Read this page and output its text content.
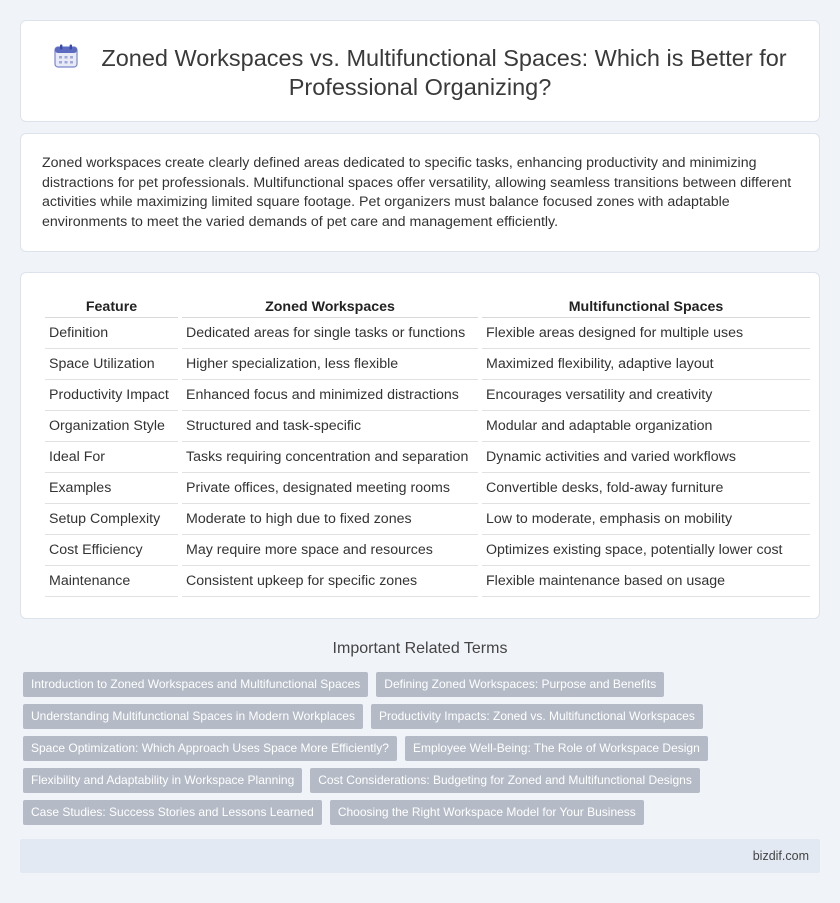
Zoned Workspaces vs. Multifunctional Spaces: Which is Better for Professional Organizing?

Zoned workspaces create clearly defined areas dedicated to specific tasks, enhancing productivity and minimizing distractions for pet professionals. Multifunctional spaces offer versatility, allowing seamless transitions between different activities while maximizing limited square footage. Pet organizers must balance focused zones with adaptable environments to meet the varied demands of pet care and management efficiently.

Feature	Zoned Workspaces	Multifunctional Spaces
Definition	Dedicated areas for single tasks or functions	Flexible areas designed for multiple uses
Space Utilization	Higher specialization, less flexible	Maximized flexibility, adaptive layout
Productivity Impact	Enhanced focus and minimized distractions	Encourages versatility and creativity
Organization Style	Structured and task-specific	Modular and adaptable organization
Ideal For	Tasks requiring concentration and separation	Dynamic activities and varied workflows
Examples	Private offices, designated meeting rooms	Convertible desks, fold-away furniture
Setup Complexity	Moderate to high due to fixed zones	Low to moderate, emphasis on mobility
Cost Efficiency	May require more space and resources	Optimizes existing space, potentially lower cost
Maintenance	Consistent upkeep for specific zones	Flexible maintenance based on usage
Important Related Terms
Introduction to Zoned Workspaces and Multifunctional Spaces	Defining Zoned Workspaces: Purpose and Benefits
Understanding Multifunctional Spaces in Modern Workplaces	Productivity Impacts: Zoned vs. Multifunctional Workspaces
Space Optimization: Which Approach Uses Space More Efficiently?	Employee Well-Being: The Role of Workspace Design
Flexibility and Adaptability in Workspace Planning	Cost Considerations: Budgeting for Zoned and Multifunctional Designs
Case Studies: Success Stories and Lessons Learned	Choosing the Right Workspace Model for Your Business
bizdif.com
